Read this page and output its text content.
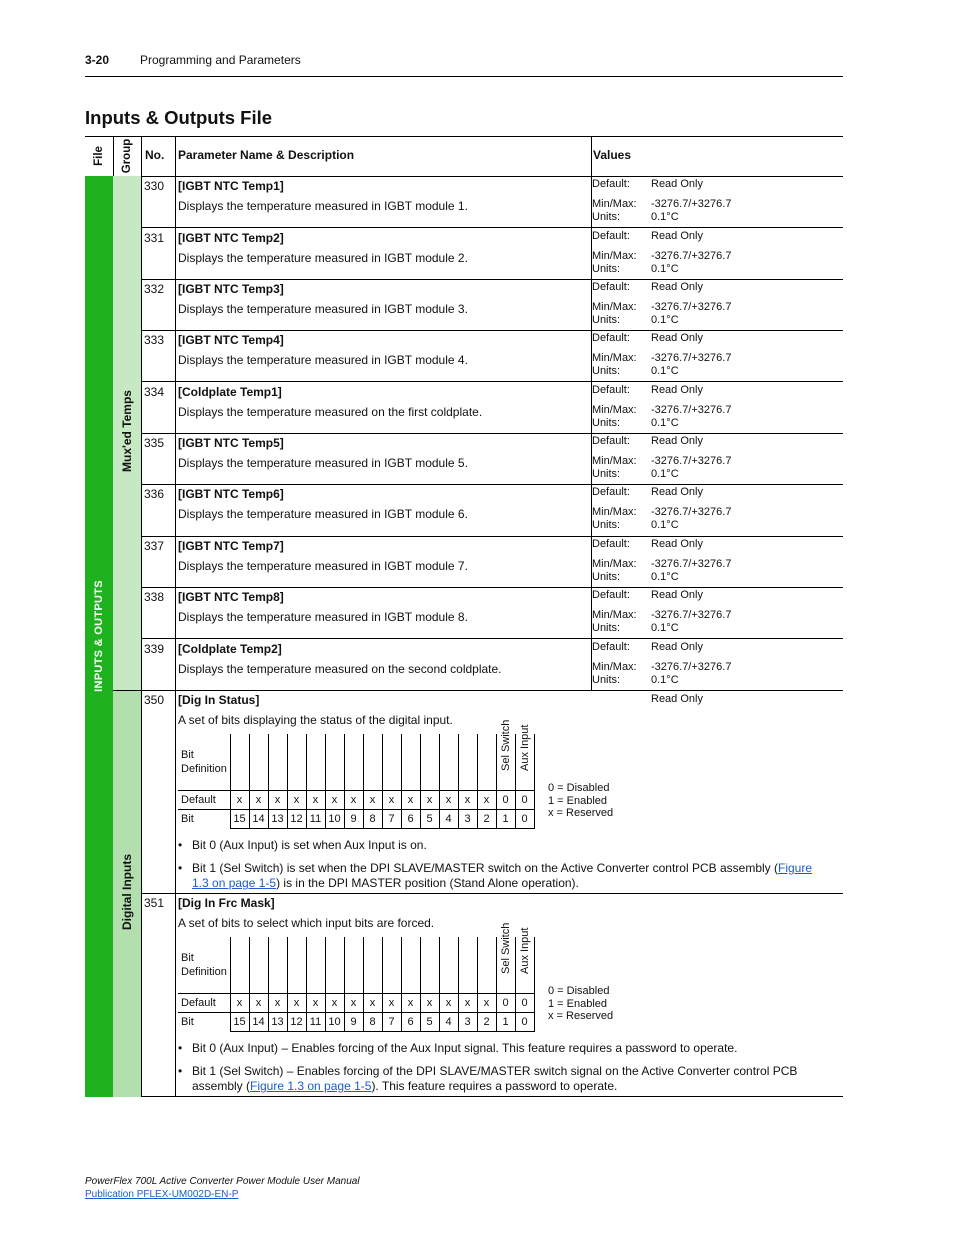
3-20	Programming and Parameters
Inputs & Outputs File
File Group No. Parameter Name & Description	Values
INPUTS & OUTPUTS
Mux'ed Temps
Digital Inputs
330 [IGBT NTC Temp1]
Displays the temperature measured in IGBT module 1.
Default: Read Only
Min/Max: -3276.7/+3276.7
Units:	0.1°C
331 [IGBT NTC Temp2]
Displays the temperature measured in IGBT module 2.
Default: Read Only
Min/Max: -3276.7/+3276.7
Units:	0.1°C
332 [IGBT NTC Temp3]
Displays the temperature measured in IGBT module 3.
Default: Read Only
Min/Max: -3276.7/+3276.7
Units:	0.1°C
333 [IGBT NTC Temp4]
Displays the temperature measured in IGBT module 4.
Default: Read Only
Min/Max: -3276.7/+3276.7
Units:	0.1°C
334 [Coldplate Temp1]
Displays the temperature measured on the first coldplate.
Default: Read Only
Min/Max: -3276.7/+3276.7
Units:	0.1°C
335 [IGBT NTC Temp5]
Displays the temperature measured in IGBT module 5.
Default: Read Only
Min/Max: -3276.7/+3276.7
Units:	0.1°C
336 [IGBT NTC Temp6]
Displays the temperature measured in IGBT module 6.
Default: Read Only
Min/Max: -3276.7/+3276.7
Units:	0.1°C
337 [IGBT NTC Temp7]
Displays the temperature measured in IGBT module 7.
Default: Read Only
Min/Max: -3276.7/+3276.7
Units:	0.1°C
338 [IGBT NTC Temp8]
Displays the temperature measured in IGBT module 8.
Default: Read Only
Min/Max: -3276.7/+3276.7
Units:	0.1°C
339 [Coldplate Temp2]
Displays the temperature measured on the second coldplate.
Default: Read Only
Min/Max: -3276.7/+3276.7
Units:	0.1°C
350 [Dig In Status]
A set of bits displaying the status of the digital input.
Read Only
Bit Definition															Sel Switch	Aux Input

Default	x	x	x	x	x	x	x	x	x	x	x	x	x	x	0	0
Bit	15	14	13	12	11	10	9	8	7	6	5	4	3	2	1	0
0 = Disabled
1 = Enabled
x = Reserved
• Bit 0 (Aux Input) is set when Aux Input is on.
• Bit 1 (Sel Switch) is set when the DPI SLAVE/MASTER switch on the Active Converter control PCB assembly (Figure 1.3 on page 1-5) is in the DPI MASTER position (Stand Alone operation).
351 [Dig In Frc Mask]
A set of bits to select which input bits are forced.
Bit Definition															Sel Switch	Aux Input

Default	x	x	x	x	x	x	x	x	x	x	x	x	x	x	0	0
Bit	15	14	13	12	11	10	9	8	7	6	5	4	3	2	1	0
0 = Disabled
1 = Enabled
x = Reserved
• Bit 0 (Aux Input) – Enables forcing of the Aux Input signal. This feature requires a password to operate.
• Bit 1 (Sel Switch) – Enables forcing of the DPI SLAVE/MASTER switch signal on the Active Converter control PCB assembly (Figure 1.3 on page 1-5). This feature requires a password to operate.
PowerFlex 700L Active Converter Power Module User Manual
Publication PFLEX-UM002D-EN-P
